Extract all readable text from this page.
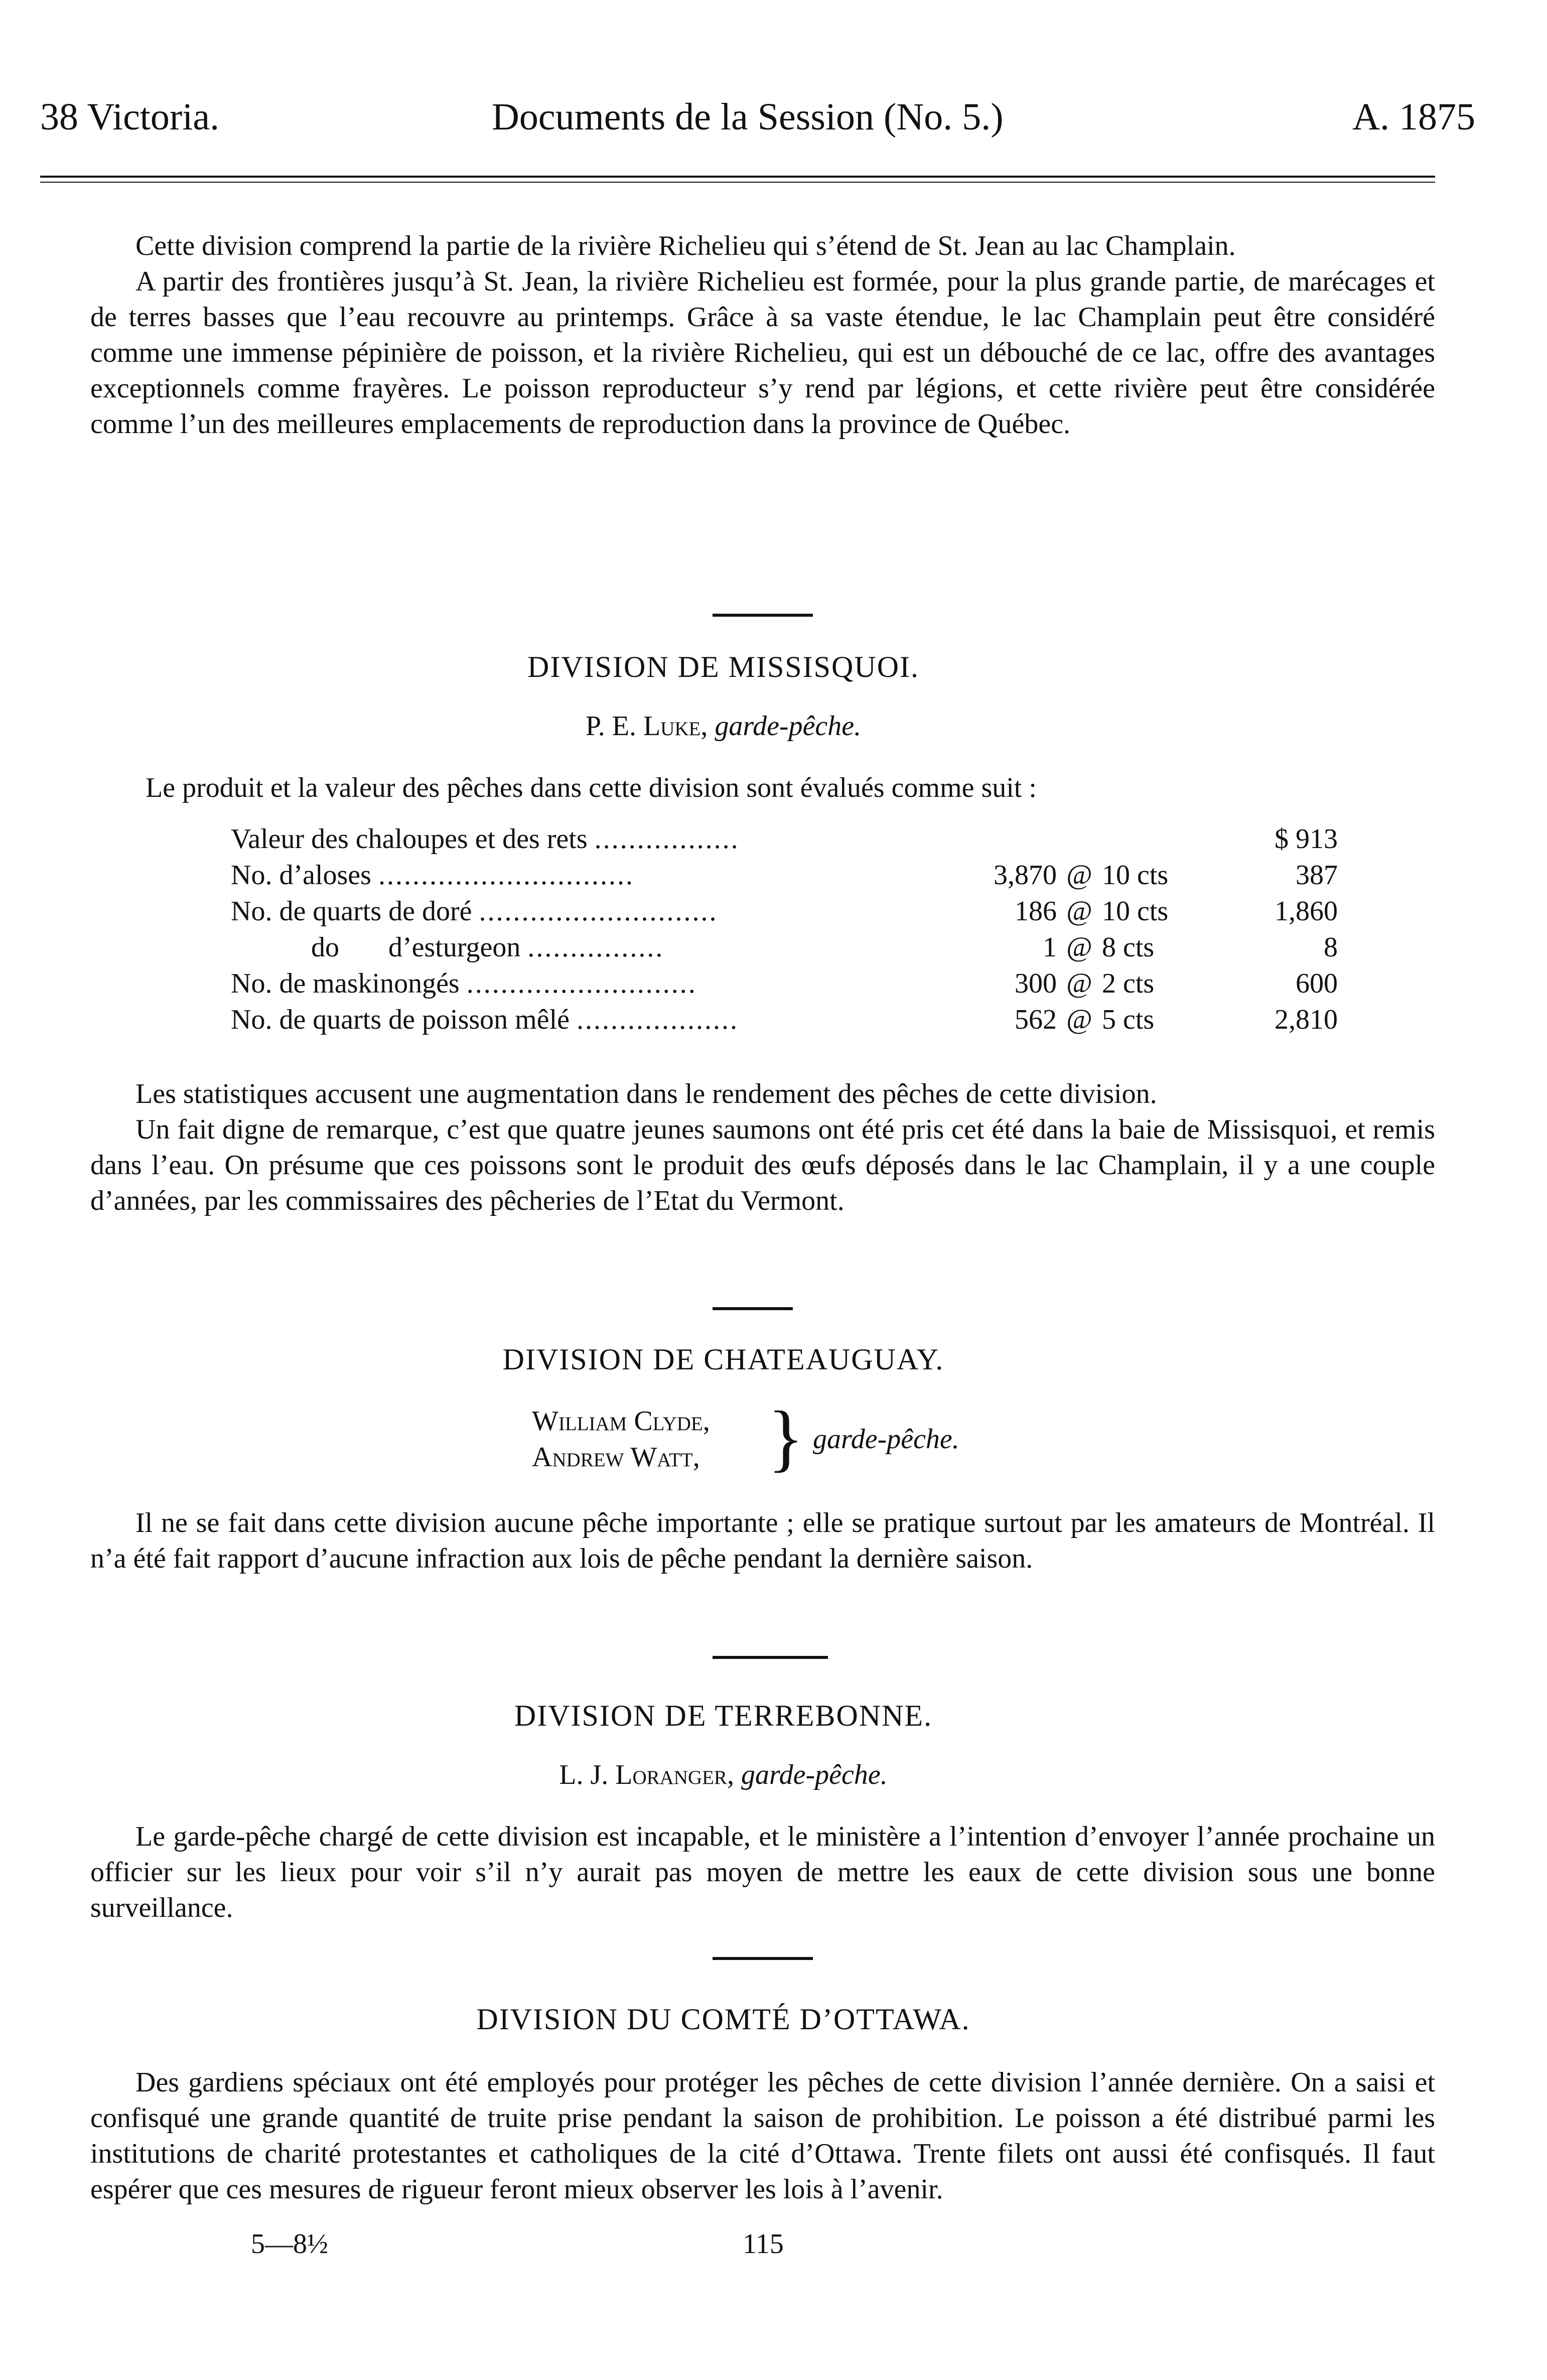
38 Victoria.	Documents de la Session (No. 5.)	A. 1875

Cette division comprend la partie de la rivière Richelieu qui s’étend de St. Jean au lac Champlain.

A partir des frontières jusqu’à St. Jean, la rivière Richelieu est formée, pour la plus grande partie, de marécages et de terres basses que l’eau recouvre au printemps. Grâce à sa vaste étendue, le lac Champlain peut être considéré comme une immense pépinière de poisson, et la rivière Richelieu, qui est un débouché de ce lac, offre des avantages exceptionnels comme frayères. Le poisson reproducteur s’y rend par légions, et cette rivière peut être considérée comme l’un des meilleures emplacements de reproduction dans la province de Québec.

DIVISION DE MISSISQUOI.
P. E. Luke, garde-pêche.

Le produit et la valeur des pêches dans cette division sont évalués comme suit :

Valeur des chaloupes et des rets .................				$ 913
No. d’aloses ..............................	3,870	@	10 cts	387
No. de quarts de doré ............................	186	@	10 cts	1,860
do       d’esturgeon ................	1	@	8 cts	8
No. de maskinongés ...........................	300	@	2 cts	600
No. de quarts de poisson mêlé ...................	562	@	5 cts	2,810

Les statistiques accusent une augmentation dans le rendement des pêches de cette division.

Un fait digne de remarque, c’est que quatre jeunes saumons ont été pris cet été dans la baie de Missisquoi, et remis dans l’eau. On présume que ces poissons sont le produit des œufs déposés dans le lac Champlain, il y a une couple d’années, par les commissaires des pêcheries de l’Etat du Vermont.

DIVISION DE CHATEAUGUAY.
William Clyde,
Andrew Watt, } garde-pêche.

Il ne se fait dans cette division aucune pêche importante ; elle se pratique surtout par les amateurs de Montréal. Il n’a été fait rapport d’aucune infraction aux lois de pêche pendant la dernière saison.

DIVISION DE TERREBONNE.
L. J. Loranger, garde-pêche.

Le garde-pêche chargé de cette division est incapable, et le ministère a l’intention d’envoyer l’année prochaine un officier sur les lieux pour voir s’il n’y aurait pas moyen de mettre les eaux de cette division sous une bonne surveillance.

DIVISION DU COMTÉ D’OTTAWA.

Des gardiens spéciaux ont été employés pour protéger les pêches de cette division l’année dernière. On a saisi et confisqué une grande quantité de truite prise pendant la saison de prohibition. Le poisson a été distribué parmi les institutions de charité protestantes et catholiques de la cité d’Ottawa. Trente filets ont aussi été confisqués. Il faut espérer que ces mesures de rigueur feront mieux observer les lois à l’avenir.

5—8½	115
